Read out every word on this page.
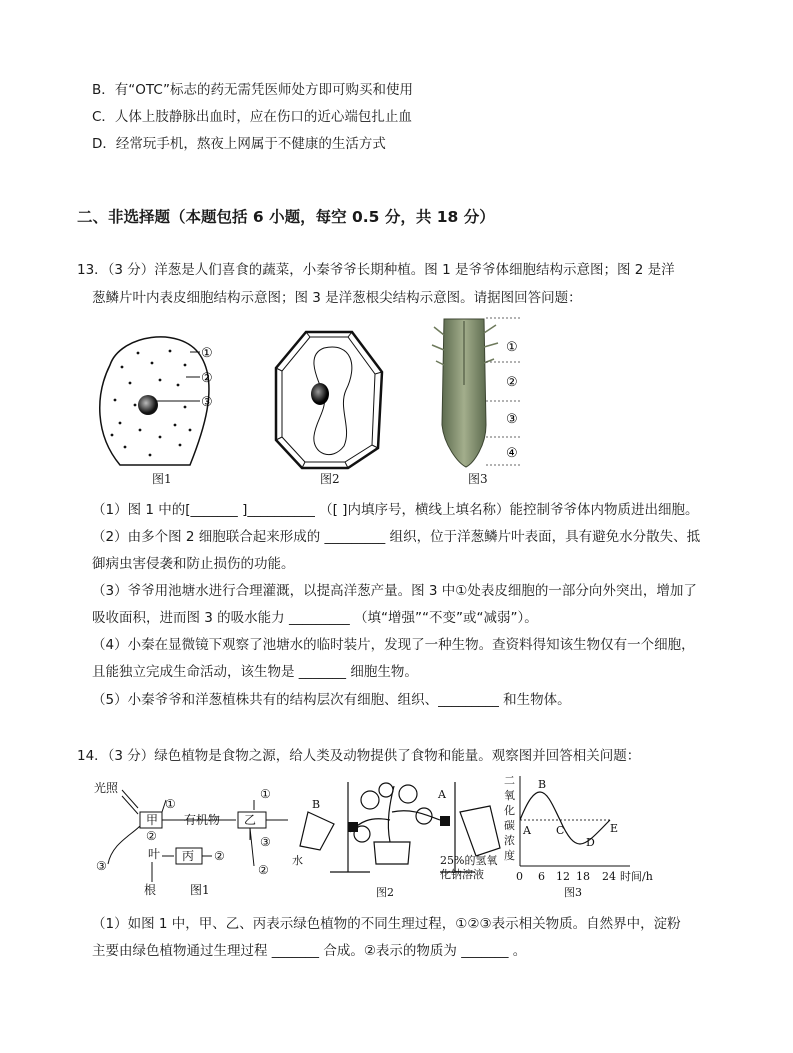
B．有“OTC”标志的药无需凭医师处方即可购买和使用
C．人体上肢静脉出血时，应在伤口的近心端包扎止血
D．经常玩手机，熬夜上网属于不健康的生活方式
二、非选择题（本题包括 6 小题，每空 0.5 分，共 18 分）
13．（3 分）洋葱是人们喜食的蔬菜，小秦爷爷长期种植。图 1 是爷爷体细胞结构示意图；图 2 是洋
葱鳞片叶内表皮细胞结构示意图；图 3 是洋葱根尖结构示意图。请据图回答问题：
①
②
③
图1	图2
①
②
③
④
图3
（1）图 1 中的[_______ ]__________ （[ ]内填序号，横线上填名称）能控制爷爷体内物质进出细胞。
（2）由多个图 2 细胞联合起来形成的 _________ 组织，位于洋葱鳞片叶表面，具有避免水分散失、抵
御病虫害侵袭和防止损伤的功能。
（3）爷爷用池塘水进行合理灌溉，以提高洋葱产量。图 3 中①处表皮细胞的一部分向外突出，增加了
吸收面积，进而图 3 的吸水能力 _________ （填“增强”“不变”或“减弱”）。
（4）小秦在显微镜下观察了池塘水的临时装片，发现了一种生物。查资料得知该生物仅有一个细胞，
且能独立完成生命活动，该生物是 _______ 细胞生物。
（5）小秦爷爷和洋葱植株共有的结构层次有细胞、组织、_________ 和生物体。
14．（3 分）绿色植物是食物之源，给人类及动物提供了食物和能量。观察图并回答相关问题：
光照
①
甲 有机物 乙
①
③
②
叶 丙 ②
③	②
根	图1
B
A
水	25%的氢氧
化钠溶液
图2
二
氧
化
碳
浓
度
B
A C
D
E
0 6 12 18 24 时间/h
图3
（1）如图 1 中，甲、乙、丙表示绿色植物的不同生理过程，①②③表示相关物质。自然界中，淀粉
主要由绿色植物通过生理过程 _______ 合成。②表示的物质为 _______ 。
